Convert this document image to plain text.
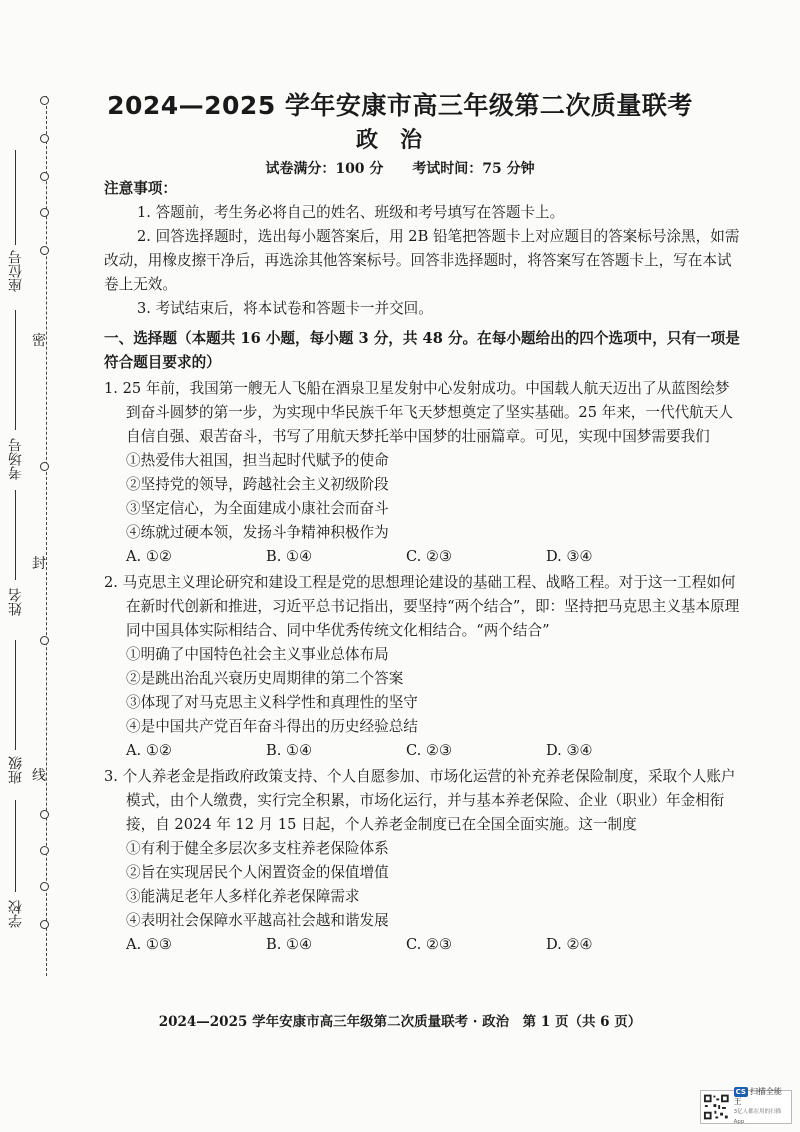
密
封
线
座位号
考场号
姓名
班级
学校
2024—2025 学年安康市高三年级第二次质量联考
政治
试卷满分：100 分 考试时间：75 分钟

注意事项：

1. 答题前，考生务必将自己的姓名、班级和考号填写在答题卡上。

2. 回答选择题时，选出每小题答案后，用 2B 铅笔把答题卡上对应题目的答案标号涂黑，如需改动，用橡皮擦干净后，再选涂其他答案标号。回答非选择题时，将答案写在答题卡上，写在本试卷上无效。

3. 考试结束后，将本试卷和答题卡一并交回。

一、选择题（本题共 16 小题，每小题 3 分，共 48 分。在每小题给出的四个选项中，只有一项是符合题目要求的）

1. 25 年前，我国第一艘无人飞船在酒泉卫星发射中心发射成功。中国载人航天迈出了从蓝图绘梦到奋斗圆梦的第一步，为实现中华民族千年飞天梦想奠定了坚实基础。25 年来，一代代航天人自信自强、艰苦奋斗，书写了用航天梦托举中国梦的壮丽篇章。可见，实现中国梦需要我们

①热爱伟大祖国，担当起时代赋予的使命

②坚持党的领导，跨越社会主义初级阶段

③坚定信心，为全面建成小康社会而奋斗

④练就过硬本领，发扬斗争精神积极作为

A. ①②	B. ①④	C. ②③	D. ③④

2. 马克思主义理论研究和建设工程是党的思想理论建设的基础工程、战略工程。对于这一工程如何在新时代创新和推进，习近平总书记指出，要坚持“两个结合”，即：坚持把马克思主义基本原理同中国具体实际相结合、同中华优秀传统文化相结合。“两个结合”

①明确了中国特色社会主义事业总体布局

②是跳出治乱兴衰历史周期律的第二个答案

③体现了对马克思主义科学性和真理性的坚守

④是中国共产党百年奋斗得出的历史经验总结

A. ①②	B. ①④	C. ②③	D. ③④

3. 个人养老金是指政府政策支持、个人自愿参加、市场化运营的补充养老保险制度，采取个人账户模式，由个人缴费，实行完全积累，市场化运行，并与基本养老保险、企业（职业）年金相衔接，自 2024 年 12 月 15 日起，个人养老金制度已在全国全面实施。这一制度

①有利于健全多层次多支柱养老保险体系

②旨在实现居民个人闲置资金的保值增值

③能满足老年人多样化养老保障需求

④表明社会保障水平越高社会越和谐发展

A. ①③	B. ①④	C. ②③	D. ②④
2024—2025 学年安康市高三年级第二次质量联考 · 政治　第 1 页（共 6 页）
CS 扫描全能王
3亿人都在用的扫描App
